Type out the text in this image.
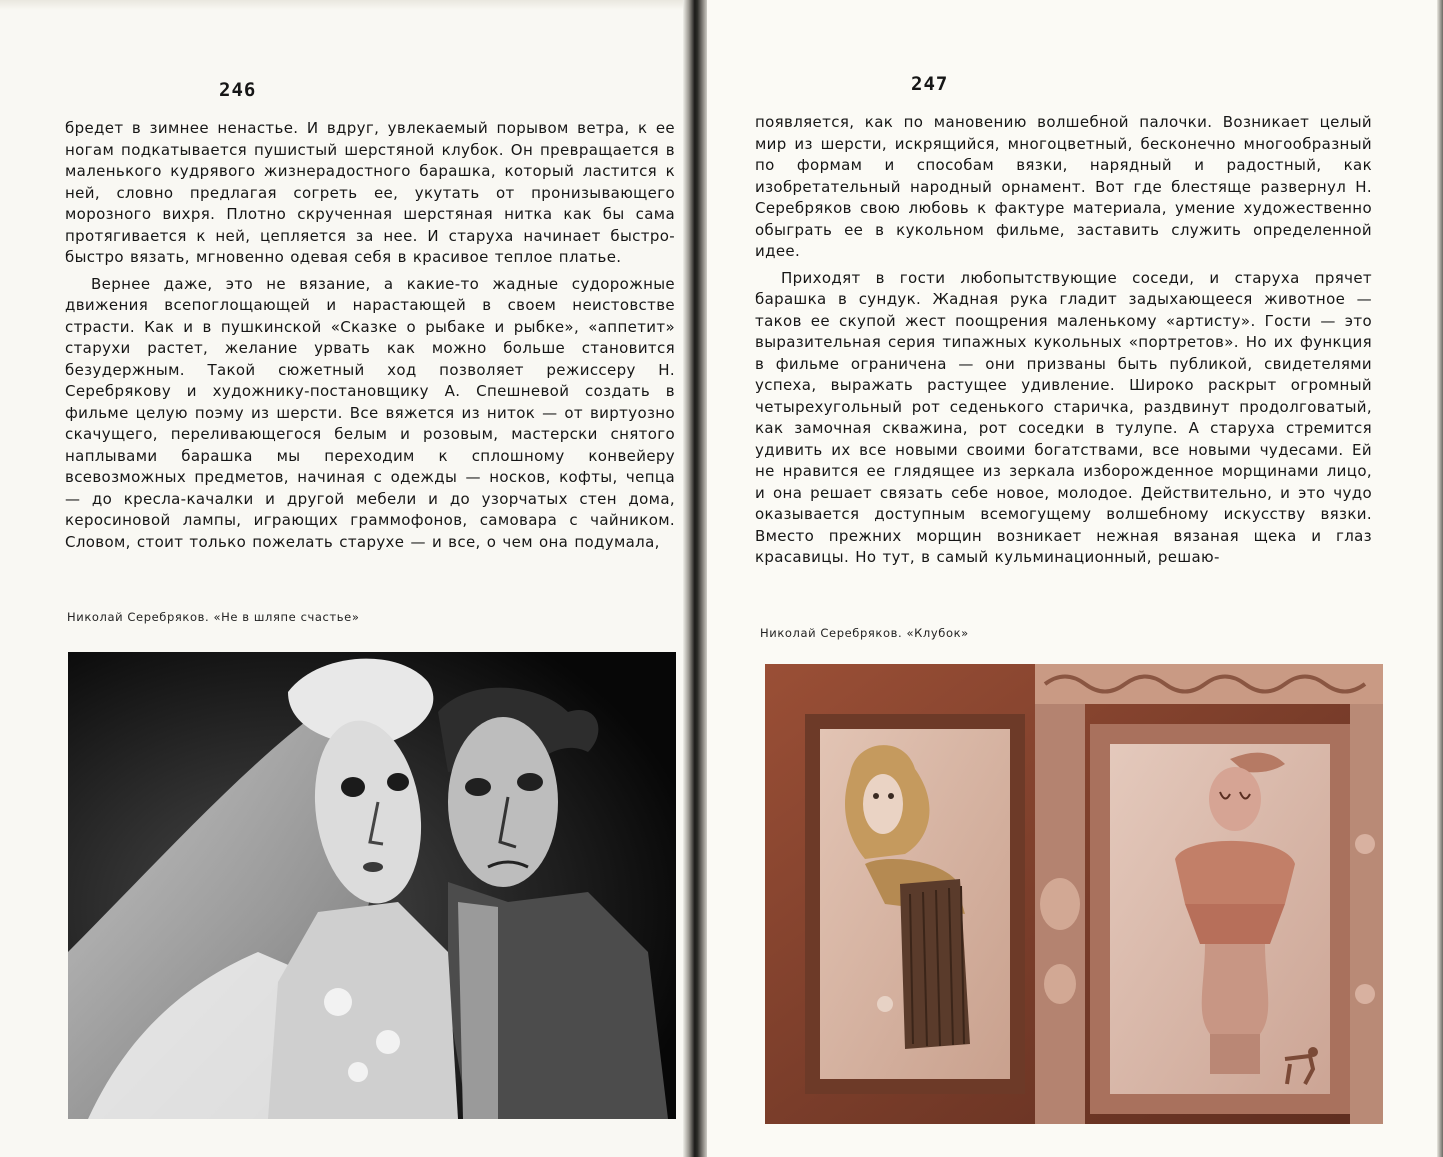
246

бредет в зимнее ненастье. И вдруг, увлекаемый порывом ветра, к ее ногам подкатывается пушистый шерстяной клубок. Он превращается в маленького кудрявого жизнерадостного барашка, который ластится к ней, словно предлагая согреть ее, укутать от пронизывающего морозного вихря. Плотно скрученная шерстяная нитка как бы сама протягивается к ней, цепляется за нее. И старуха начинает быстро-быстро вязать, мгновенно одевая себя в красивое теплое платье.

Вернее даже, это не вязание, а какие-то жадные судорожные движения всепоглощающей и нарастающей в своем неистовстве страсти. Как и в пушкинской «Сказке о рыбаке и рыбке», «аппетит» старухи растет, желание урвать как можно больше становится безудержным. Такой сюжетный ход позволяет режиссеру Н. Серебрякову и художнику-постановщику А. Спешневой создать в фильме целую поэму из шерсти. Все вяжется из ниток — от виртуозно скачущего, переливающегося белым и розовым, мастерски снятого наплывами барашка мы переходим к сплошному конвейеру всевозможных предметов, начиная с одежды — носков, кофты, чепца — до кресла-качалки и другой мебели и до узорчатых стен дома, керосиновой лампы, играющих граммофонов, самовара с чайником. Словом, стоит только пожелать старухе — и все, о чем она подумала,

Николай Серебряков. «Не в шляпе счастье»
247

появляется, как по мановению волшебной палочки. Возникает целый мир из шерсти, искрящийся, многоцветный, бесконечно многообразный по формам и способам вязки, нарядный и радостный, как изобретательный народный орнамент. Вот где блестяще развернул Н. Серебряков свою любовь к фактуре материала, умение художественно обыграть ее в кукольном фильме, заставить служить определенной идее.

Приходят в гости любопытствующие соседи, и старуха прячет барашка в сундук. Жадная рука гладит задыхающееся животное — таков ее скупой жест поощрения маленькому «артисту». Гости — это выразительная серия типажных кукольных «портретов». Но их функция в фильме ограничена — они призваны быть публикой, свидетелями успеха, выражать растущее удивление. Широко раскрыт огромный четырехугольный рот седенького старичка, раздвинут продолговатый, как замочная скважина, рот соседки в тулупе. А старуха стремится удивить их все новыми своими богатствами, все новыми чудесами. Ей не нравится ее глядящее из зеркала изборожденное морщинами лицо, и она решает связать себе новое, молодое. Действительно, и это чудо оказывается доступным всемогущему волшебному искусству вязки. Вместо прежних морщин возникает нежная вязаная щека и глаз красавицы. Но тут, в самый кульминационный, решаю-

Николай Серебряков. «Клубок»
